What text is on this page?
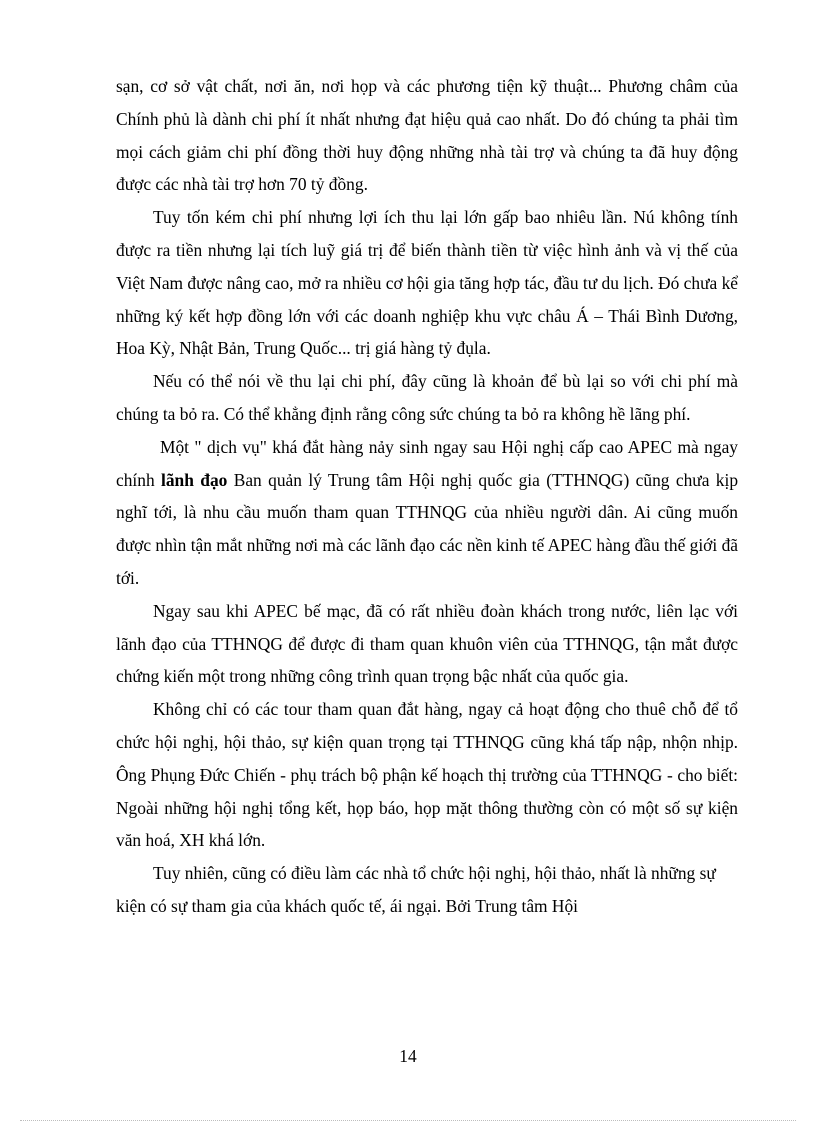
sạn, cơ sở vật chất, nơi ăn, nơi họp và các phương tiện kỹ thuật... Phương châm của Chính phủ là dành chi phí ít nhất nhưng đạt hiệu quả cao nhất. Do đó chúng ta phải tìm mọi cách giảm chi phí đồng thời huy động những nhà tài trợ và chúng ta đã huy động được các nhà tài trợ hơn 70 tỷ đồng.

Tuy tốn kém chi phí nhưng lợi ích thu lại lớn gấp bao nhiêu lần. Nú không tính được ra tiền nhưng lại tích luỹ giá trị để biến thành tiền từ việc hình ảnh và vị thế của Việt Nam được nâng cao, mở ra nhiều cơ hội gia tăng hợp tác, đầu tư du lịch. Đó chưa kể những ký kết hợp đồng lớn với các doanh nghiệp khu vực châu Á – Thái Bình Dương, Hoa Kỳ, Nhật Bản, Trung Quốc... trị giá hàng tỷ đụla.

Nếu có thể nói về thu lại chi phí, đây cũng là khoản để bù lại so với chi phí mà chúng ta bỏ ra. Có thể khẳng định rằng công sức chúng ta bỏ ra không hề lãng phí.

Một " dịch vụ" khá đắt hàng nảy sinh ngay sau Hội nghị cấp cao APEC mà ngay chính lãnh đạo Ban quản lý Trung tâm Hội nghị quốc gia (TTHNQG) cũng chưa kịp nghĩ tới, là nhu cầu muốn tham quan TTHNQG của nhiều người dân. Ai cũng muốn được nhìn tận mắt những nơi mà các lãnh đạo các nền kinh tế APEC hàng đầu thế giới đã tới.

Ngay sau khi APEC bế mạc, đã có rất nhiều đoàn khách trong nước, liên lạc với lãnh đạo của TTHNQG để được đi tham quan khuôn viên của TTHNQG, tận mắt được chứng kiến một trong những công trình quan trọng bậc nhất của quốc gia.

Không chỉ có các tour tham quan đắt hàng, ngay cả hoạt động cho thuê chỗ để tổ chức hội nghị, hội thảo, sự kiện quan trọng tại TTHNQG cũng khá tấp nập, nhộn nhịp. Ông Phụng Đức Chiến - phụ trách bộ phận kế hoạch thị trường của TTHNQG - cho biết: Ngoài những hội nghị tổng kết, họp báo, họp mặt thông thường còn có một số sự kiện văn hoá, XH khá lớn.

Tuy nhiên, cũng có điều làm các nhà tổ chức hội nghị, hội thảo, nhất là những sự kiện có sự tham gia của khách quốc tế, ái ngại. Bởi Trung tâm Hội

14
